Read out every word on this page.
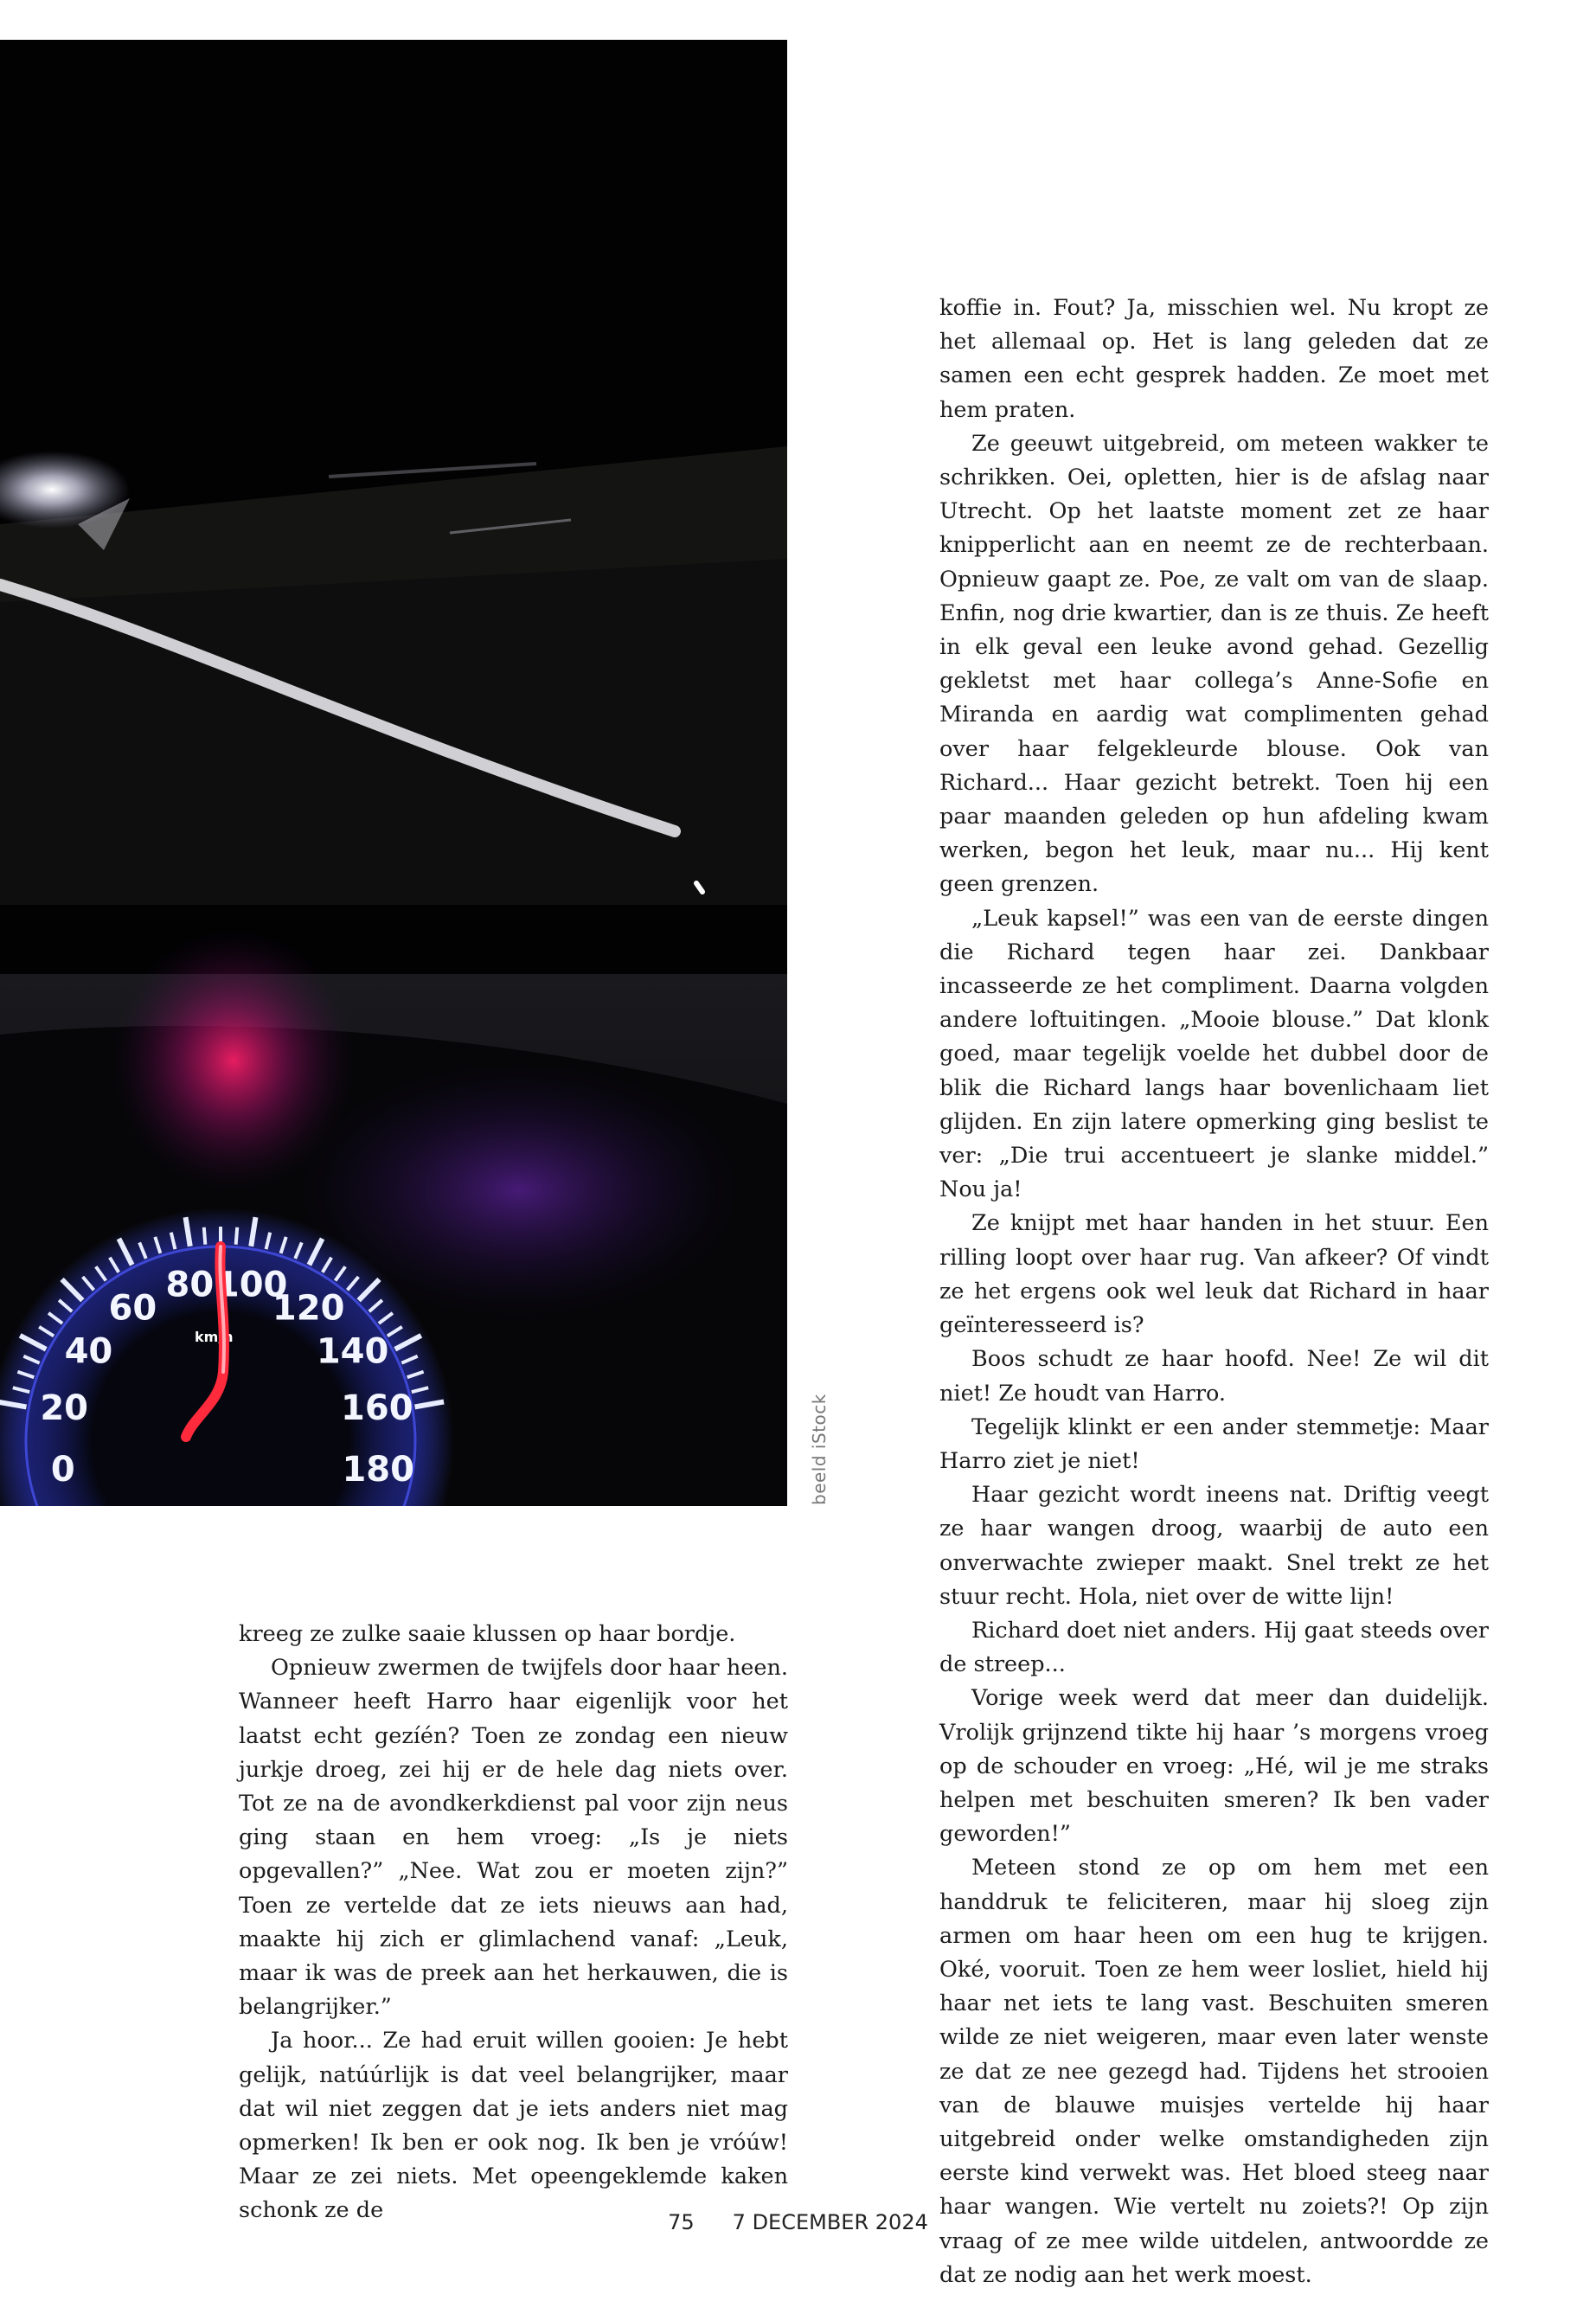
0
20
40
60
80 100
120
140
160
180
km/h
beeld iStock

kreeg ze zulke saaie klussen op haar bordje.

Opnieuw zwermen de twijfels door haar heen. Wanneer heeft Harro haar eigenlijk voor het laatst echt gezíén? Toen ze zondag een nieuw jurkje droeg, zei hij er de hele dag niets over. Tot ze na de avondkerkdienst pal voor zijn neus ging staan en hem vroeg: „Is je niets opgevallen?” „Nee. Wat zou er moeten zijn?” Toen ze vertelde dat ze iets nieuws aan had, maakte hij zich er glimlachend vanaf: „Leuk, maar ik was de preek aan het herkauwen, die is belangrijker.”

Ja hoor... Ze had eruit willen gooien: Je hebt gelijk, natúúrlijk is dat veel belangrijker, maar dat wil niet zeggen dat je iets anders niet mag opmerken! Ik ben er ook nog. Ik ben je vróúw! Maar ze zei niets. Met opeengeklemde kaken schonk ze de

koffie in. Fout? Ja, misschien wel. Nu kropt ze het allemaal op. Het is lang geleden dat ze samen een echt gesprek hadden. Ze moet met hem praten.

Ze geeuwt uitgebreid, om meteen wakker te schrikken. Oei, opletten, hier is de afslag naar Utrecht. Op het laatste moment zet ze haar knipperlicht aan en neemt ze de rechterbaan. Opnieuw gaapt ze. Poe, ze valt om van de slaap. Enfin, nog drie kwartier, dan is ze thuis. Ze heeft in elk geval een leuke avond gehad. Gezellig gekletst met haar collega’s Anne-Sofie en Miranda en aardig wat complimenten gehad over haar felgekleurde blouse. Ook van Richard... Haar gezicht betrekt. Toen hij een paar maanden geleden op hun afdeling kwam werken, begon het leuk, maar nu... Hij kent geen grenzen.

„Leuk kapsel!” was een van de eerste dingen die Richard tegen haar zei. Dankbaar incasseerde ze het compliment. Daarna volgden andere loftuitingen. „Mooie blouse.” Dat klonk goed, maar tegelijk voelde het dubbel door de blik die Richard langs haar bovenlichaam liet glijden. En zijn latere opmerking ging beslist te ver: „Die trui accentueert je slanke middel.” Nou ja!

Ze knijpt met haar handen in het stuur. Een rilling loopt over haar rug. Van afkeer? Of vindt ze het ergens ook wel leuk dat Richard in haar geïnteresseerd is?

Boos schudt ze haar hoofd. Nee! Ze wil dit niet! Ze houdt van Harro.

Tegelijk klinkt er een ander stemmetje: Maar Harro ziet je niet!

Haar gezicht wordt ineens nat. Driftig veegt ze haar wangen droog, waarbij de auto een onverwachte zwieper maakt. Snel trekt ze het stuur recht. Hola, niet over de witte lijn!

Richard doet niet anders. Hij gaat steeds over de streep...

Vorige week werd dat meer dan duidelijk. Vrolijk grijnzend tikte hij haar ’s morgens vroeg op de schouder en vroeg: „Hé, wil je me straks helpen met beschuiten smeren? Ik ben vader geworden!”

Meteen stond ze op om hem met een handdruk te feliciteren, maar hij sloeg zijn armen om haar heen om een hug te krijgen. Oké, vooruit. Toen ze hem weer losliet, hield hij haar net iets te lang vast. Beschuiten smeren wilde ze niet weigeren, maar even later wenste ze dat ze nee gezegd had. Tijdens het strooien van de blauwe muisjes vertelde hij haar uitgebreid onder welke omstandigheden zijn eerste kind verwekt was. Het bloed steeg naar haar wangen. Wie vertelt nu zoiets?! Op zijn vraag of ze mee wilde uitdelen, antwoordde ze dat ze nodig aan het werk moest.

75 7 DECEMBER 2024
